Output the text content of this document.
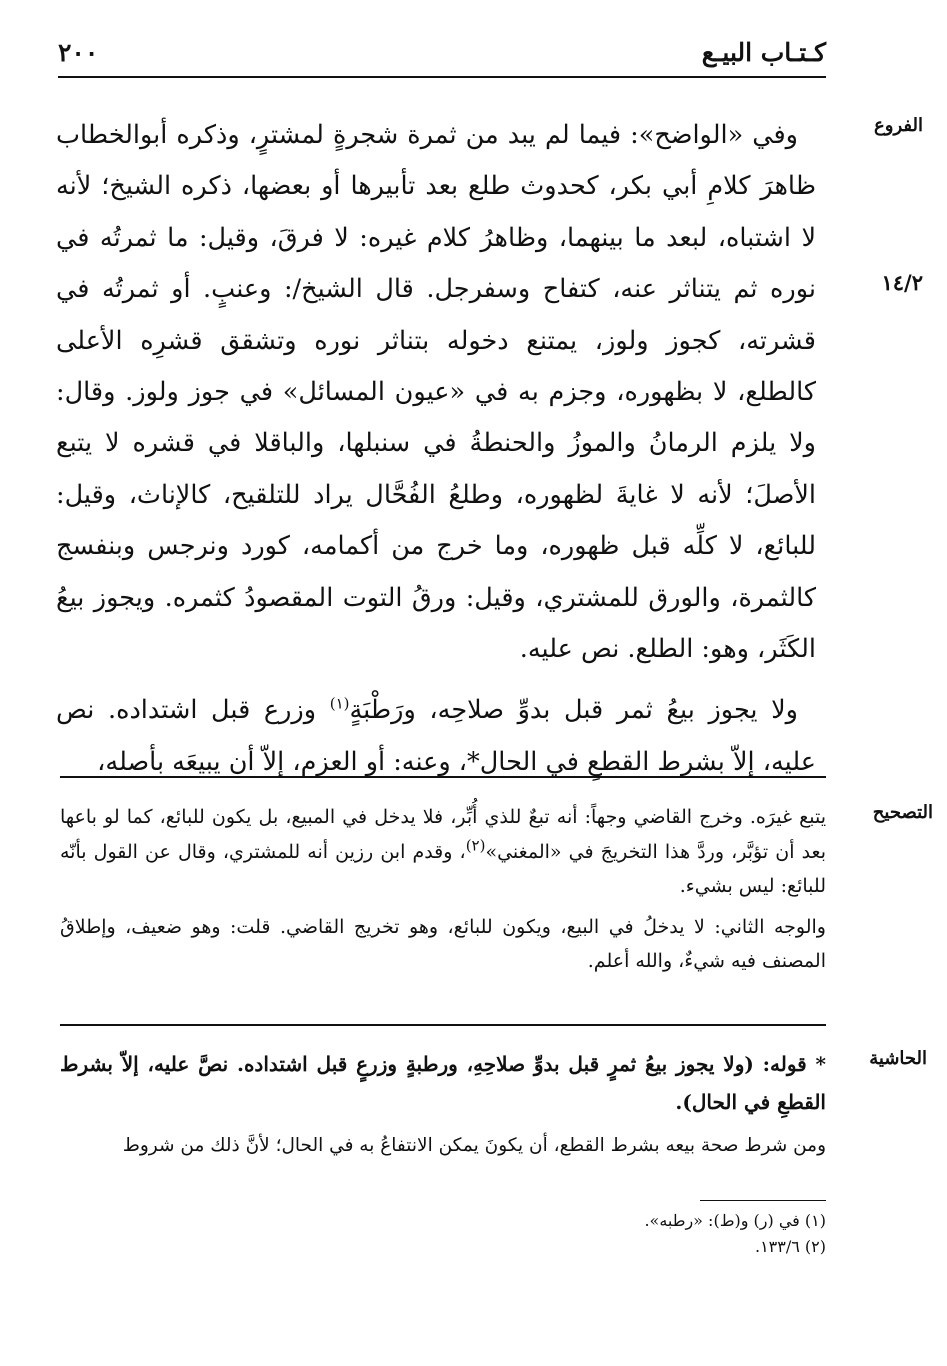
٢٠٠	كـتـاب البيـع
الفروع
١٤/٢

وفي «الواضح»: فيما لم يبد من ثمرة شجرةٍ لمشترٍ، وذكره أبوالخطاب ظاهرَ كلامِ أبي بكر، كحدوث طلع بعد تأبيرها أو بعضها، ذكره الشيخ؛ لأنه لا اشتباه، لبعد ما بينهما، وظاهرُ كلام غيره: لا فرقَ، وقيل: ما ثمرتُه في نوره ثم يتناثر عنه، كتفاح وسفرجل. قال الشيخ/: وعنبٍ. أو ثمرتُه في قشرته، كجوز ولوز، يمتنع دخوله بتناثر نوره وتشقق قشرِه الأعلى كالطلع، لا بظهوره، وجزم به في «عيون المسائل» في جوز ولوز. وقال: ولا يلزم الرمانُ والموزُ والحنطةُ في سنبلها، والباقلا في قشره لا يتبع الأصلَ؛ لأنه لا غايةَ لظهوره، وطلعُ الفُحَّال يراد للتلقيح، كالإناث، وقيل: للبائع، لا كلِّه قبل ظهوره، وما خرج من أكمامه، كورد ونرجس وبنفسج كالثمرة، والورق للمشتري، وقيل: ورقُ التوت المقصودُ كثمره. ويجوز بيعُ الكَثَر، وهو: الطلع. نص عليه.

ولا يجوز بيعُ ثمر قبل بدوِّ صلاحِه، ورَطْبَةٍ$^{(١)}$ وزرع قبل اشتداده. نص عليه، إلاّ بشرط القطعِ في الحال*، وعنه: أو العزم، إلاّ أن يبيعَه بأصله،

التصحيح

يتبع غيرَه. وخرج القاضي وجهاً: أنه تبعٌ للذي أُبِّر، فلا يدخل في المبيع، بل يكون للبائع، كما لو باعها بعد أن تؤبَّر، وردَّ هذا التخريجَ في «المغني»$^{(٢)}$، وقدم ابن رزين أنه للمشتري، وقال عن القول بأنّه للبائع: ليس بشيء.

والوجه الثاني: لا يدخلُ في البيع، ويكون للبائع، وهو تخريج القاضي. قلت: وهو ضعيف، وإطلاقُ المصنف فيه شيءٌ، والله أعلم.

الحاشية

* قوله: (ولا يجوز بيعُ ثمرٍ قبل بدوِّ صلاحِهِ، ورطبةٍ وزرعٍ قبل اشتداده. نصَّ عليه، إلاّ بشرط القطعِ في الحال).

ومن شرط صحة بيعه بشرط القطع، أن يكونَ يمكن الانتفاعُ به في الحال؛ لأنَّ ذلك من شروط

(١) في (ر) و(ط): «رطبه».
(٢) ١٣٣/٦.
